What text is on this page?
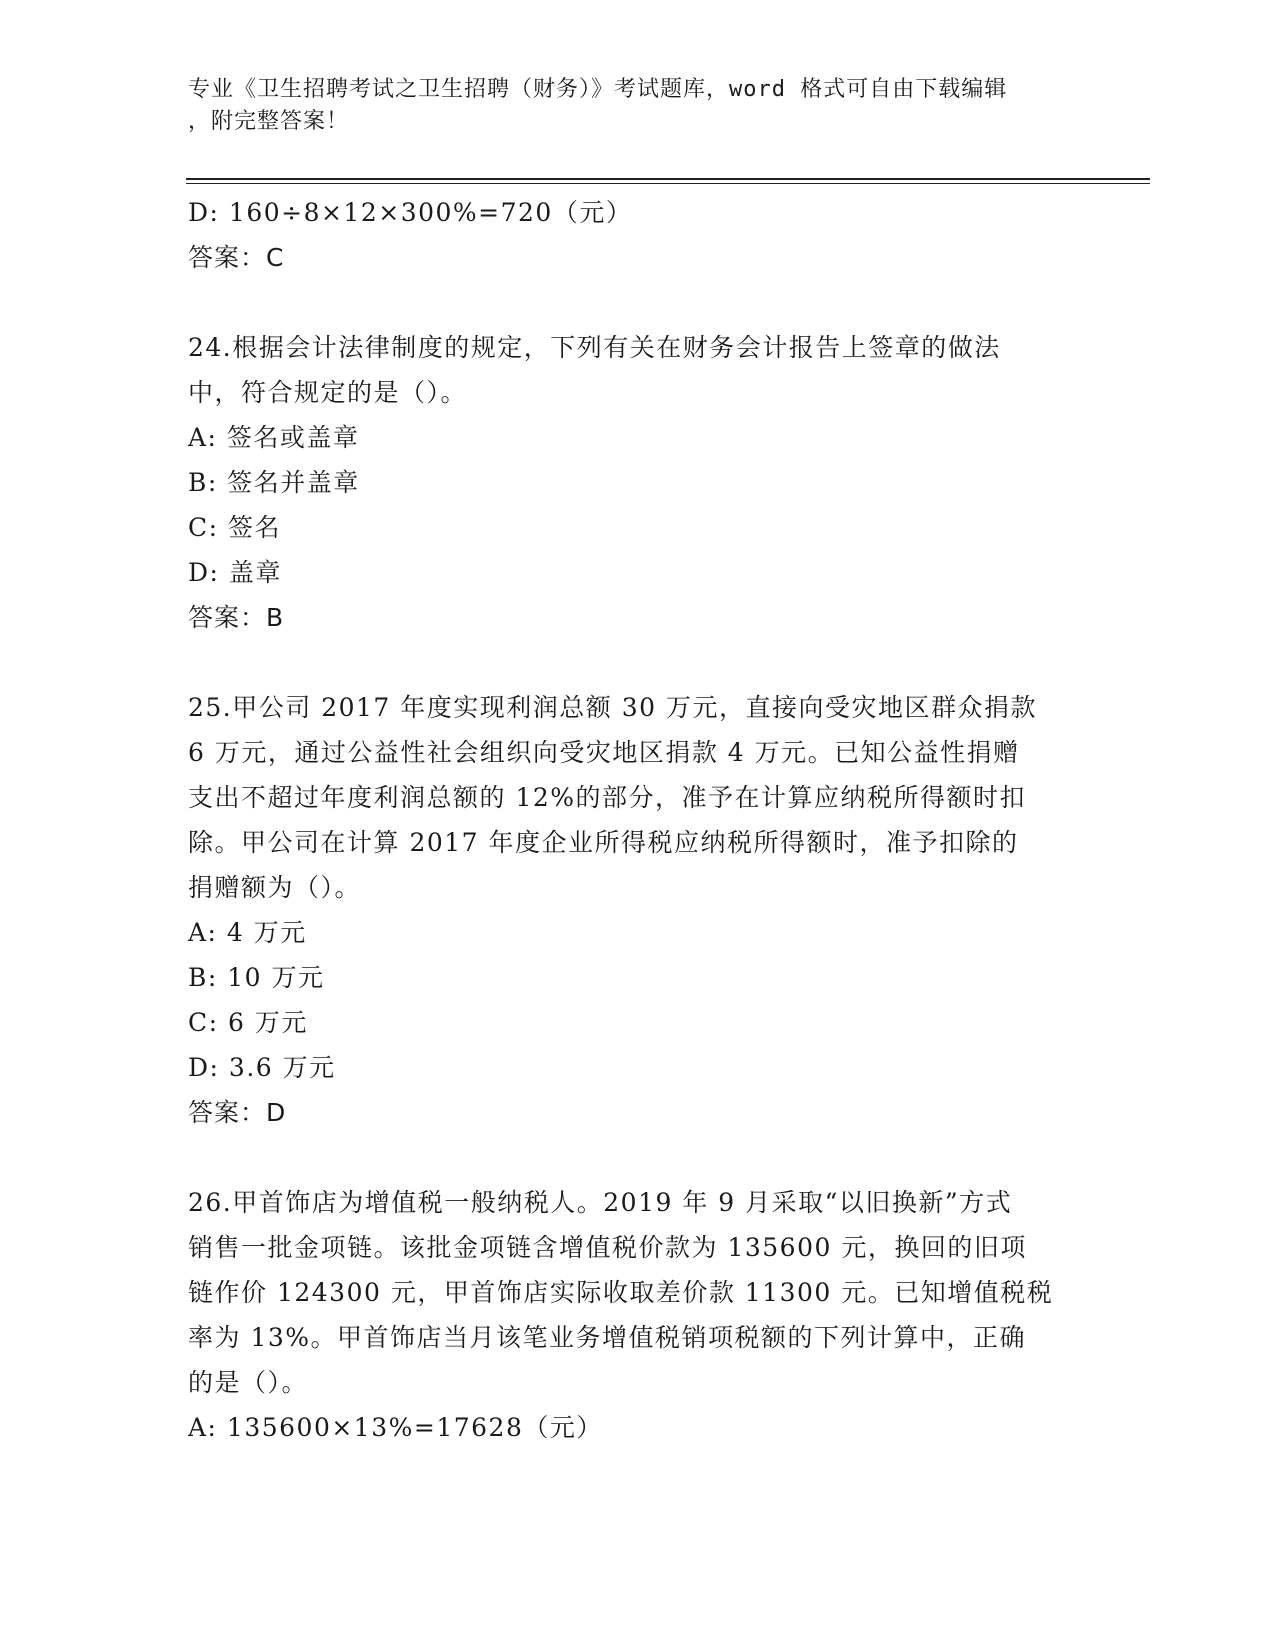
专业《卫生招聘考试之卫生招聘（财务）》考试题库，word 格式可自由下载编辑
，附完整答案！
D: 160÷8×12×300%=720（元）
答案：C
24.根据会计法律制度的规定，下列有关在财务会计报告上签章的做法
中，符合规定的是（）。
A: 签名或盖章
B: 签名并盖章
C: 签名
D: 盖章
答案：B
25.甲公司 2017 年度实现利润总额 30 万元，直接向受灾地区群众捐款
6 万元，通过公益性社会组织向受灾地区捐款 4 万元。已知公益性捐赠
支出不超过年度利润总额的 12%的部分，准予在计算应纳税所得额时扣
除。甲公司在计算 2017 年度企业所得税应纳税所得额时，准予扣除的
捐赠额为（）。
A: 4 万元
B: 10 万元
C: 6 万元
D: 3.6 万元
答案：D
26.甲首饰店为增值税一般纳税人。2019 年 9 月采取“以旧换新”方式
销售一批金项链。该批金项链含增值税价款为 135600 元，换回的旧项
链作价 124300 元，甲首饰店实际收取差价款 11300 元。已知增值税税
率为 13%。甲首饰店当月该笔业务增值税销项税额的下列计算中，正确
的是（）。
A: 135600×13%=17628（元）
